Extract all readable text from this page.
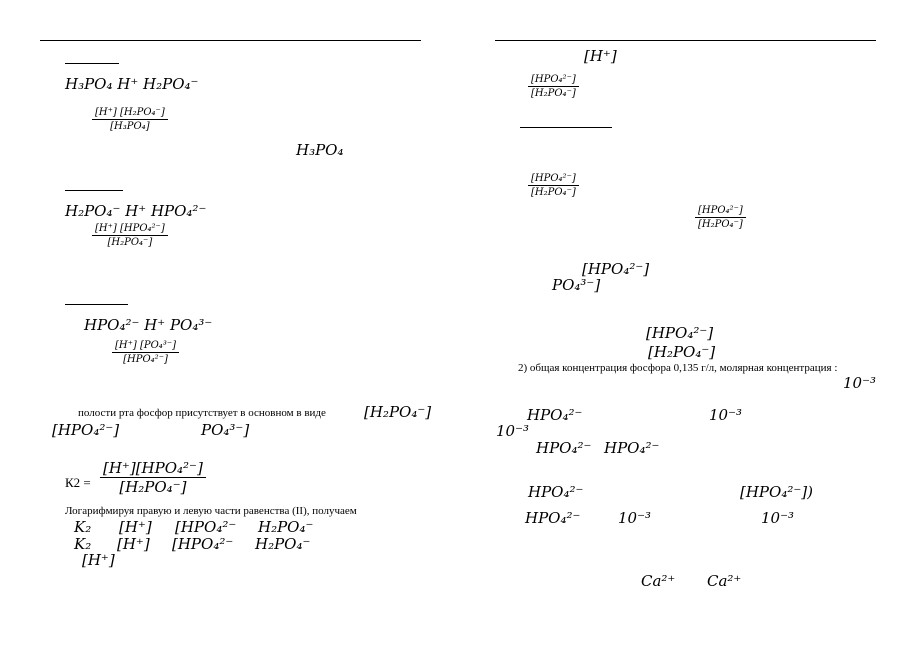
H₃PO₄ H⁺ H₂PO₄⁻
[H⁺] [H₂PO₄⁻]
[H₃PO₄]
H₃PO₄
H₂PO₄⁻ H⁺ HPO₄²⁻
[H⁺] [HPO₄²⁻]
[H₂PO₄⁻]
HPO₄²⁻ H⁺ PO₄³⁻
[H⁺] [PO₄³⁻]
[HPO₄²⁻]
полости рта фосфор присутствует в основном в виде	[H₂PO₄⁻]
[HPO₄²⁻]	PO₄³⁻]
К2 =
[H⁺][HPO₄²⁻]
[H₂PO₄⁻]
Логарифмируя правую и левую части равенства (II), получаем
K₂ [H⁺] [HPO₄²⁻ H₂PO₄⁻
K₂ [H⁺] [HPO₄²⁻ H₂PO₄⁻
[H⁺]
[H⁺]
[HPO₄²⁻]
[H₂PO₄⁻]
[HPO₄²⁻]
[H₂PO₄⁻]
[HPO₄²⁻]
[H₂PO₄⁻]
[HPO₄²⁻]
PO₄³⁻]
[HPO₄²⁻]
[H₂PO₄⁻]
2) общая концентрация фосфора 0,135 г/л, молярная концентрация :
10⁻³
HPO₄²⁻	10⁻³
10⁻³
HPO₄²⁻ HPO₄²⁻
HPO₄²⁻	[HPO₄²⁻])
HPO₄²⁻	10⁻³	10⁻³
Ca²⁺ Ca²⁺
